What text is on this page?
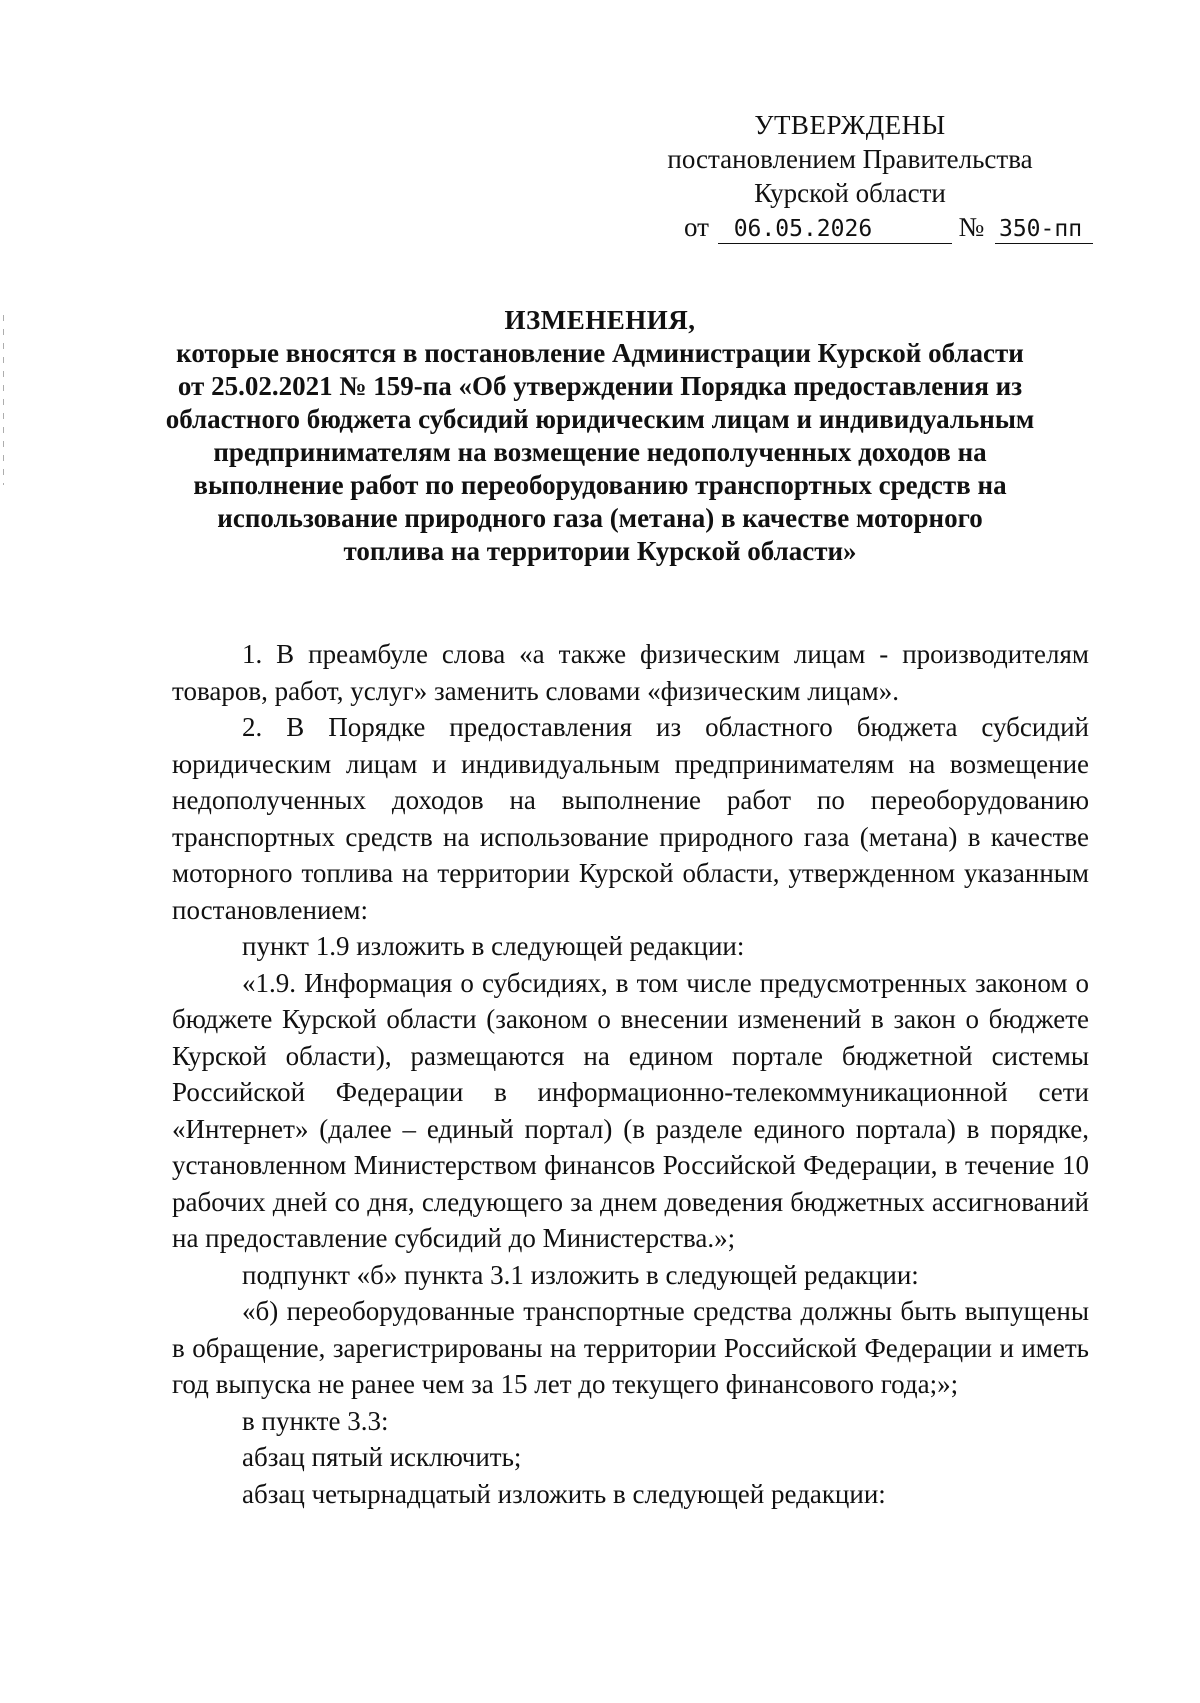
УТВЕРЖДЕНЫ
постановлением Правительства
Курской области
от 06.05.2026	№ 350-пп
ИЗМЕНЕНИЯ,
которые вносятся в постановление Администрации Курской области
от 25.02.2021 № 159-па «Об утверждении Порядка предоставления из
областного бюджета субсидий юридическим лицам и индивидуальным
предпринимателям на возмещение недополученных доходов на
выполнение работ по переоборудованию транспортных средств на
использование природного газа (метана) в качестве моторного
топлива на территории Курской области»

1. В преамбуле слова «а также физическим лицам - производителям товаров, работ, услуг» заменить словами «физическим лицам».

2. В Порядке предоставления из областного бюджета субсидий юридическим лицам и индивидуальным предпринимателям на возмещение недополученных доходов на выполнение работ по переоборудованию транспортных средств на использование природного газа (метана) в качестве моторного топлива на территории Курской области, утвержденном указанным постановлением:

пункт 1.9 изложить в следующей редакции:

«1.9. Информация о субсидиях, в том числе предусмотренных законом о бюджете Курской области (законом о внесении изменений в закон о бюджете Курской области), размещаются на едином портале бюджетной системы Российской Федерации в информационно-телекоммуникационной сети «Интернет» (далее – единый портал) (в разделе единого портала) в порядке, установленном Министерством финансов Российской Федерации, в течение 10 рабочих дней со дня, следующего за днем доведения бюджетных ассигнований на предоставление субсидий до Министерства.»;

подпункт «б» пункта 3.1 изложить в следующей редакции:

«б) переоборудованные транспортные средства должны быть выпущены в обращение, зарегистрированы на территории Российской Федерации и иметь год выпуска не ранее чем за 15 лет до текущего финансового года;»;

в пункте 3.3:

абзац пятый исключить;

абзац четырнадцатый изложить в следующей редакции:
